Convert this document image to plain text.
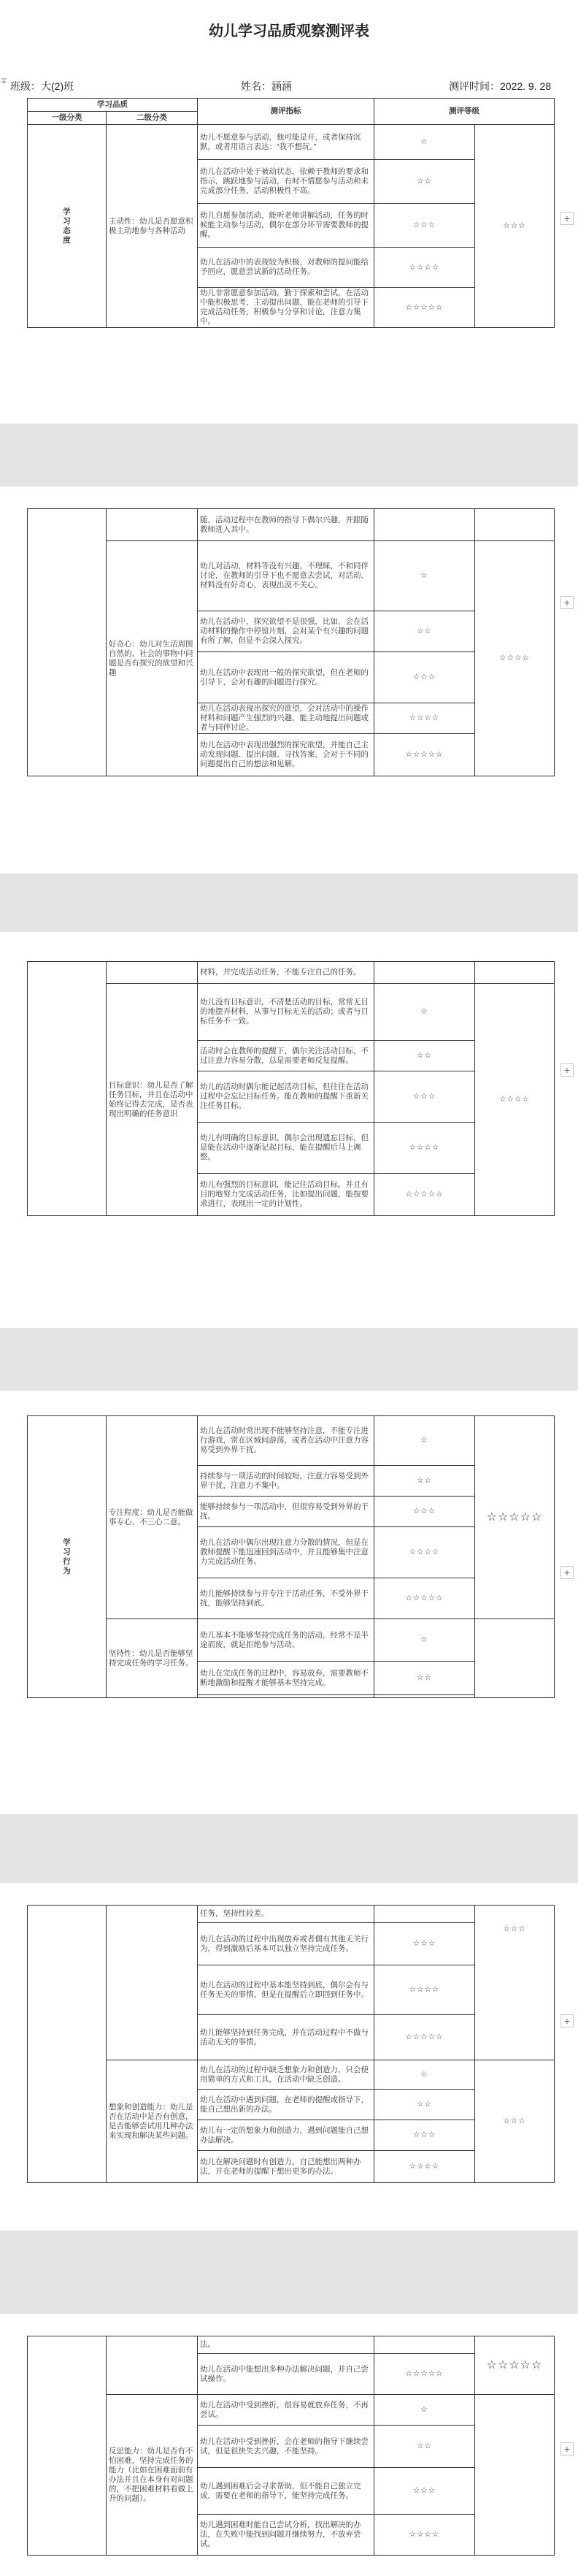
幼儿学习品质观察测评表
∓ 班级：大(2)班	姓名：涵涵	测评时间：2022. 9. 28
学习品质		测评指标	测评等级	
一级分类	二级分类			
学
习
态
度	主动性：幼儿是否愿意积极主动地参与各种活动	幼儿不愿意参与活动，他可能是开，或者保持沉默，或者用语言表达：“我不想玩。”	☆	☆☆☆
		幼儿在活动中处于被动状态，依赖于教师的要求和指示，跳跃地参与活动，有时不情愿参与活动和未完成部分任务，活动积极性不高。	☆☆	
		幼儿自愿参加活动，能听老师讲解活动，任务的时候能主动参与活动，偶尔在部分环节需要教师的提醒。	☆☆☆	
		幼儿在活动中的表现较为积极，对教师的提问能给予回应，愿意尝试新的活动任务。	☆☆☆☆	
		幼儿非常愿意参加活动，勤于探索和尝试，在活动中能积极思考，主动提出问题，能在老师的引导下完成活动任务，积极参与分享和讨论，注意力集中。	☆☆☆☆☆	
+
		随，活动过程中在教师的指导下偶尔兴趣，并跟随教师进入其中。		
	好奇心：幼儿对生活周围自然的、社会的事物中问题是否有探究的欲望和兴趣	幼儿对活动，材料等没有兴趣，不理睬，不和同伴讨论，在教师的引导下也不愿意去尝试，对活动、材料没有好奇心，表现出漠不关心。	☆	☆☆☆☆
		幼儿在活动中，探究欲望不是很强，比如，会在活动材料的操作中停留片刻，会对某个有兴趣的问题有所了解，但是不会深入探究。	☆☆	
		幼儿在活动中表现出一般的探究欲望，但在老师的引导下，会对有趣的问题进行探究。	☆☆☆	
		幼儿在活动表现出探究的欲望，会对活动中的操作材料和问题产生强烈的兴趣，能主动地提出问题或者与同伴讨论。	☆☆☆☆	
		幼儿在活动中表现出强烈的探究欲望，并能自己主动发现问题、提出问题、寻找答案，会对于不同的问题提出自己的想法和见解。	☆☆☆☆☆	
+
		材料，并完成活动任务，不能专注自己的任务。		
	目标意识：幼儿是否了解任务目标，并且在活动中始终记得去完成，是否表现出明确的任务意识	幼儿没有目标意识，不清楚活动的目标，常常无目的地摆弄材料，从事与目标无关的活动；或者与目标任务不一致。	☆	☆☆☆☆
		活动时会在教师的提醒下，偶尔关注活动目标，不过注意力容易分散，总是需要老师反复提醒。	☆☆	
		幼儿的活动时偶尔能记起活动目标，但往往在活动过程中会忘记目标任务。能在教师的提醒下重新关注任务目标。	☆☆☆	
		幼儿有明确的目标意识，偶尔会出现遗忘目标，但是能在活动中逐渐记起目标，能在提醒后马上调整。	☆☆☆☆	
		幼儿有强烈的目标意识，能记住活动目标，并且有目的地努力完成活动任务，比如提出问题，能按要求进行，表现出一定的计划性。	☆☆☆☆☆	
+
学
习
行
为	专注程度：幼儿是否能做事专心、不三心二意。	幼儿在活动时常出现不能够坚持注意，不能专注进行游戏，常在区域间游荡，或者在活动中注意力容易受到外界干扰。	☆	☆☆☆☆☆
		持续参与一项活动的时间较短，注意力容易受到外界干扰，注意力不集中。	☆☆	
		能够持续参与一项活动中，但很容易受到外界的干扰。	☆☆☆	
		幼儿在活动中偶尔出现注意力分散的情况，但是在教师提醒下能迅速回到活动中，并且能够集中注意力完成活动任务。	☆☆☆☆	
		幼儿能够持续参与并专注于活动任务，不受外界干扰，能够坚持到底。	☆☆☆☆☆	
	坚持性：幼儿是否能够坚持完成任务的学习任务。	幼儿基本不能够坚持完成任务的活动，经常不是半途而废，就是拒绝参与活动。	☆	
		幼儿在完成任务的过程中，容易放弃，需要教师不断地激励和提醒才能够基本坚持完成。	☆☆	

+
		任务，坚持性较差。		☆☆☆
		幼儿在活动的过程中出现放弃或者偶有其他无关行为，得到激励后基本可以独立坚持完成任务。	☆☆☆	
		幼儿在活动的过程中基本能坚持到底，偶尔会有与任务无关的事情，但是在提醒后立即回到任务中。	☆☆☆☆	
		幼儿能够坚持到任务完成，并在活动过程中不做与活动无关的事情。	☆☆☆☆☆	
	想象和创造能力：幼儿是否在活动中是否有创意，是否能够尝试用几种办法来实现和解决某些问题。	幼儿在活动的过程中缺乏想象力和创造力，只会使用简单的方式和工具，在活动中缺乏创造。	☆	☆☆☆
		幼儿在活动中遇到问题，在老师的提醒或指导下，能自己想出新的办法。	☆☆	
		幼儿有一定的想象力和创造力，遇到问题能自己想办法解决。	☆☆☆	
		幼儿在解决问题时有创造力，自己能想出两种办法，并在老师的提醒下想出更多的办法。	☆☆☆☆	
+
		法。		☆☆☆☆☆
		幼儿在活动中能想出多种办法解决问题，并自己尝试操作。	☆☆☆☆☆	
	反思能力：幼儿是否有不怕困难，坚持完成任务的能力（比如在困难面前有办法并且在本身有对问题的，不把困难材料看做上升的问题）。	幼儿在活动中受到挫折，很容易就放弃任务，不再尝试。	☆	
		幼儿在活动中受到挫折，会在老师的指导下继续尝试，但是很快失去兴趣，不能坚持。	☆☆	
		幼儿遇到困难后会寻求帮助，但不能自己独立完成，需要在老师的指导下，能坚持完成任务。	☆☆☆	
		幼儿遇到困难时能自己尝试分析，找出解决的办法，在失败中能找到问题并继续努力，不放弃尝试。	☆☆☆☆	
+
